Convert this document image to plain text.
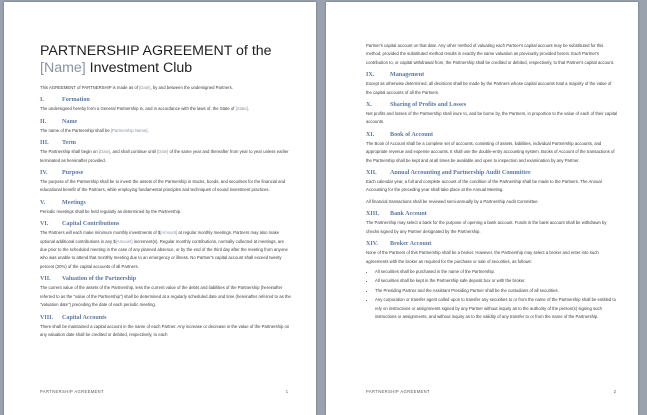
PARTNERSHIP AGREEMENT of the
[Name] Investment Club

This AGREEMENT of PARTNERSHIP is made as of [Date], by and between the undersigned Partners.

I.	Formation

The undersigned hereby form a General Partnership in, and in accordance with the laws of, the State of [State].

II.	Name

The name of the Partnership shall be [Partnership Name].

III. Term

The Partnership shall begin on [Date], and shall continue until [Date] of the same year and thereafter from year to year unless earlier terminated as hereinafter provided.

IV. Purpose

The purpose of the Partnership shall be to invest the assets of the Partnership in stocks, bonds, and securities for the financial and educational benefit of the Partners, while employing fundamental principles and techniques of sound investment practices.

V.	Meetings

Periodic meetings shall be held regularly as determined by the Partnership.

VI. Capital Contributions

The Partners will each make minimum monthly investments of $[Amount] at regular monthly meetings. Partners may also make optional additional contributions in any $[Amount] increment(s). Regular monthly contributions, normally collected at meetings, are due prior to the scheduled meeting in the case of any planned absence, or by the end of the third day after the meeting from anyone who was unable to attend that monthly meeting due to an emergency or illness. No Partner's capital account shall exceed twenty percent (20%) of the capital accounts of all Partners.

VII. Valuation of the Partnership

The current value of the assets of the Partnership, less the current value of the debts and liabilities of the Partnership (hereinafter referred to as the "value of the Partnership") shall be determined at a regularly scheduled date and time (hereinafter referred to as the "valuation date") preceding the date of each periodic meeting.

VIII. Capital Accounts

There shall be maintained a capital account in the name of each Partner. Any increase or decrease in the value of the Partnership on any valuation date shall be credited or debited, respectively, to each

PARTNERSHIP AGREEMENT	1

Partner's capital account on that date. Any other method of valuating each Partner's capital account may be substituted for this method, provided the substituted method results in exactly the same valuation as previously provided herein. Each Partner's contribution to, or capital withdrawal from, the Partnership shall be credited or debited, respectively, to that Partner's capital account.

IX.	Management

Except as otherwise determined, all decisions shall be made by the Partners whose capital accounts total a majority of the value of the capital accounts of all the Partners.

X.	Sharing of Profits and Losses

Net profits and losses of the Partnership shall inure to, and be borne by, the Partners, in proportion to the value of each of their capital accounts.

XI.	Book of Account

The Book of Account shall be a complete set of accounts, consisting of assets, liabilities, individual Partnership accounts, and appropriate revenue and expense accounts. It shall use the double-entry accounting system. Books of Account of the transactions of the Partnership shall be kept and at all times be available and open to inspection and examination by any Partner.

XII. Annual Accounting and Partnership Audit Committee

Each calendar year, a full and complete account of the condition of the Partnership shall be made to the Partners. The Annual Accounting for the preceding year shall take place at the Annual Meeting.

All financial transactions shall be reviewed semi-annually by a Partnership Audit Committee.

XIII. Bank Account

The Partnership may select a bank for the purpose of opening a bank account. Funds in the bank account shall be withdrawn by checks signed by any Partner designated by the Partnership.

XIV. Broker Account

None of the Partners of this Partnership shall be a broker. However, the Partnership may select a broker and enter into such agreements with the broker as required for the purchase or sale of securities, as follows:

• All securities shall be purchased in the name of the Partnership.
• All securities shall be kept in the Partnership safe deposit box or with the broker.
• The Presiding Partner and the Assistant Presiding Partner shall be the custodians of all securities.
• Any corporation or transfer agent called upon to transfer any securities to or from the name of the Partnership shall be entitled to rely on instructions or assignments signed by any Partner without inquiry as to the authority of the person(s) signing such instructions or assignments, and without inquiry as to the validity of any transfer to or from the name of the Partnership.
PARTNERSHIP AGREEMENT	2
